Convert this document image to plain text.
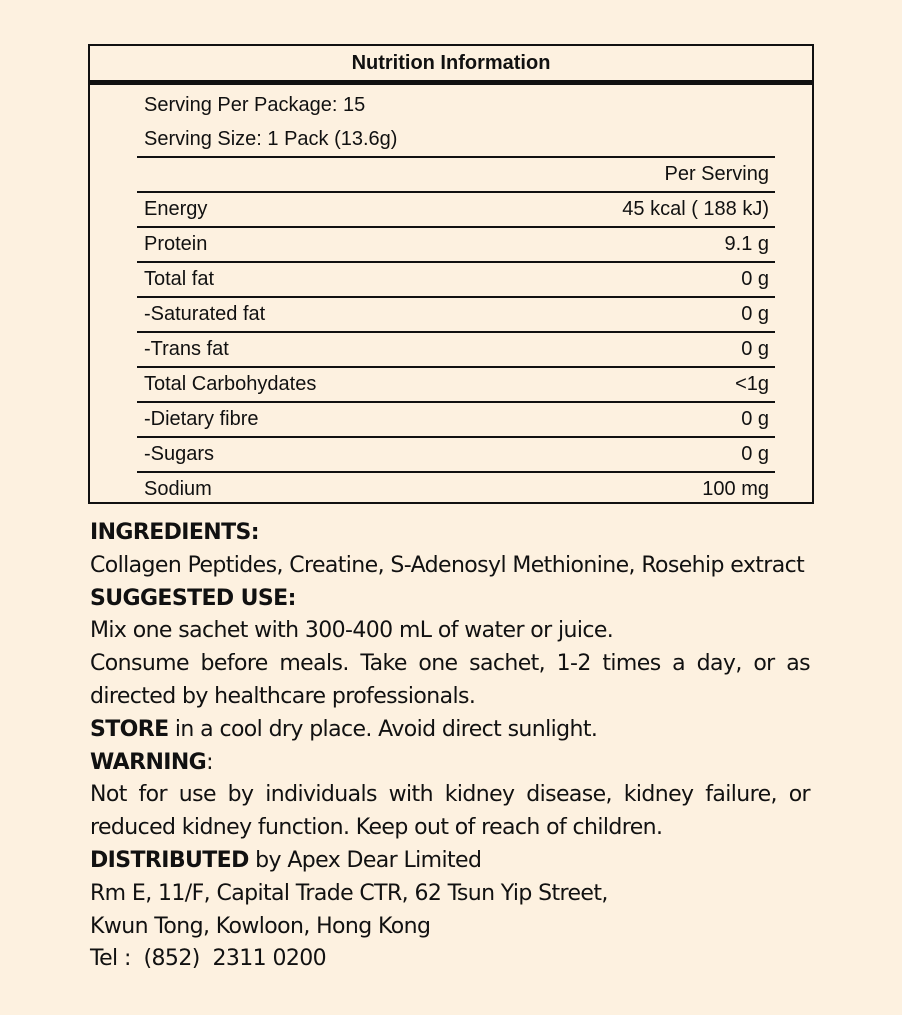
Nutrition Information
Serving Per Package: 15
Serving Size: 1 Pack (13.6g)
Per Serving
Energy	45 kcal ( 188 kJ)
Protein	9.1 g
Total fat	0 g
-Saturated fat	0 g
-Trans fat	0 g
Total Carbohydates	<1g
-Dietary fibre	0 g
-Sugars	0 g
Sodium	100 mg

INGREDIENTS:

Collagen Peptides, Creatine, S-Adenosyl Methionine, Rosehip extract

SUGGESTED USE:

Mix one sachet with 300-400 mL of water or juice.

Consume before meals. Take one sachet, 1-2 times a day, or as directed by healthcare professionals.

STORE in a cool dry place. Avoid direct sunlight.

WARNING:

Not for use by individuals with kidney disease, kidney failure, or reduced kidney function. Keep out of reach of children.

DISTRIBUTED by Apex Dear Limited

Rm E, 11/F, Capital Trade CTR, 62 Tsun Yip Street,

Kwun Tong, Kowloon, Hong Kong

Tel :  (852)  2311 0200
